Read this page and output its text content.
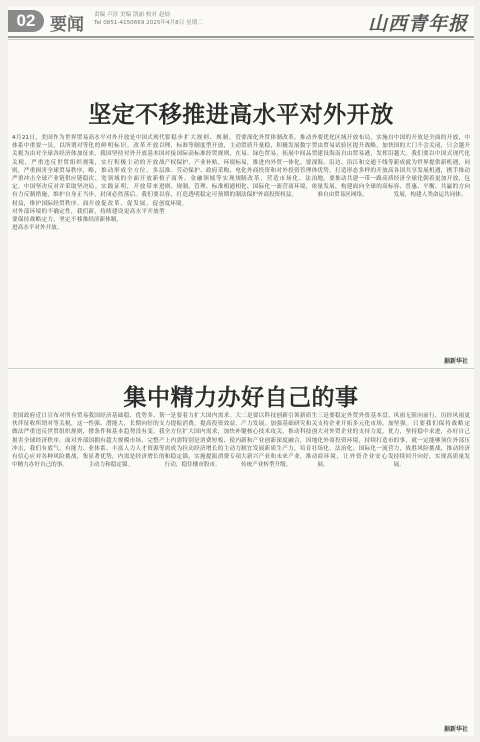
02 要闻 责编 卢淳 美编 凯丽 校对 赵灿
Tel 0851-4150669 2025年4月8日 星期二	山西青年报
坚定不移推进高水平对外开放
4月21日，美国作为世界贸易体系中重要一员，以所谓对等关税为由对全球各经济体加征关税，严重违反世贸组织规则，严重损害全球贸易秩序，严重冲击全球产业链供应链稳定。中国坚决反对并采取坚决有力反制措施，维护自身正当权益，维护国际经贸秩序。面对外部环境的不确定性，我们要保持战略定力，坚定不移推进高水平对外开放。
高水平对外开放是中国式现代化的鲜明标识。改革开放以来，我国坚持对外开放基本国策，实行积极主动的开放战略，推动形成全方位、多层次、宽领域的全面开放新格局。实践证明，开放带来进步，封闭必然落后。我们要以开放促改革、促发展、促创新，持续建设更高水平开放型经济新体制。
要稳步扩大规则、规制、管理、标准等制度型开放，主动对接国际高标准经贸规则，在产权保护、产业补贴、环境标准、劳动保护、政府采购、电子商务、金融领域等实现规则、规制、管理、标准相通相容，打造透明稳定可预期的制度环境。
要深化外贸体制改革，推动外贸质升量稳，积极发展数字贸易、绿色贸易，拓展中间品贸易，推进内外贸一体化。要深化外商投资和对外投资管理体制改革，营造市场化、法治化、国际化一流营商环境，依法保护外商投资权益。
要优化区域开放布局，实施自由贸易试验区提升战略，加快建设海南自由贸易港，发挥沿海、沿边、沿江和交通干线等优势，打造形态多样的开放高地。要推动共建一带一路高质量发展，构建面向全球的高标准自由贸易区网络。
中国的开放是全面的开放，中国的大门不会关闭，只会越开越大。我们要以中国式现代化新成就为世界提供新机遇，同各国共享发展机遇，携手推动经济全球化朝着更加开放、包容、普惠、平衡、共赢的方向发展，构建人类命运共同体。
据新华社
集中精力办好自己的事
美国政府近日宣布对所有贸易伙伴征收所谓对等关税，这一做法严重违反世贸组织规则，损害全球经济秩序。面对外部冲击，我们有底气、有能力、有信心应对各种风险挑战，集中精力办好自己的事。
我国经济基础稳、优势多、韧性强、潜能大，长期向好的支撑条件和基本趋势没有变。我国拥有超大规模市场、完整产业体系、丰富人力人才资源等显著优势，内需是经济增长的主动力和稳定锚。
一是要着力扩大国内需求。大力提振消费，提高投资效益，全方位扩大国内需求，加快补上内需特别是消费短板，使内需成为拉动经济增长的主动力和稳定锚，实施提振消费专项行动，稳住楼市股市。
二是要以科技创新引领新质生产力发展。加强基础研究和关键核心技术攻关，推动科技创新和产业创新深度融合，因地制宜发展新质生产力，培育壮大新兴产业和未来产业，推动传统产业转型升级。
三是要稳定外贸外资基本盘。支持企业开拓多元化市场，加大对外贸企业的支持力度，优化外商投资环境，持续打造市场化、法治化、国际化一流营商环境，让外资企业安心发展。
风雨无阻向前行，历经风雨更坚强。只要我们保持战略定力，坚持稳中求进，办好自己的事，就一定能够顶住外部压力，战胜风险挑战，推动经济持续回升向好，实现高质量发展。
据新华社
